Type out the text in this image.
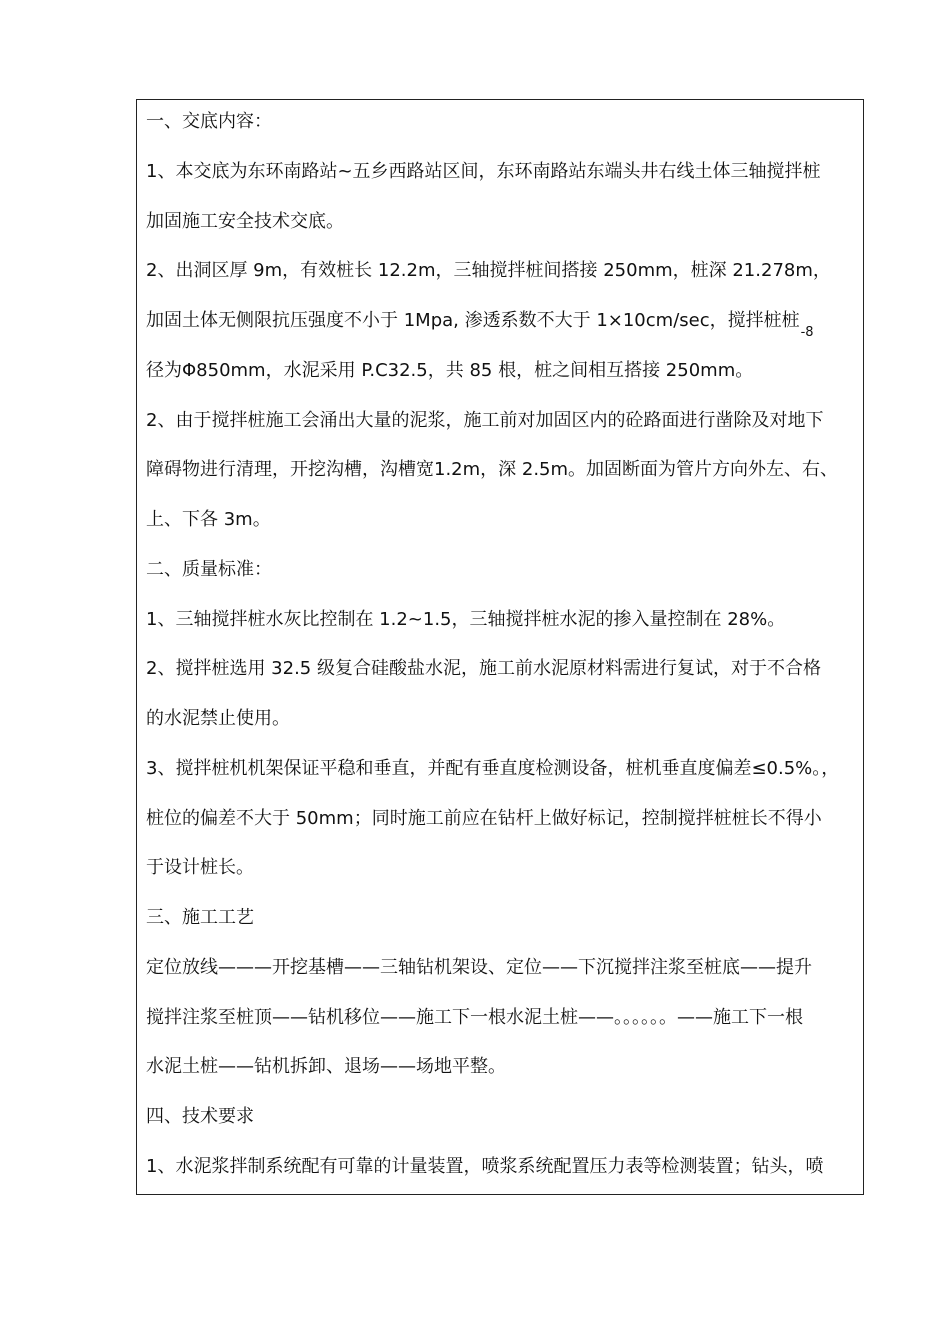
一、交底内容：
1、本交底为东环南路站~五乡西路站区间，东环南路站东端头井右线土体三轴搅拌桩
加固施工安全技术交底。
2、出洞区厚 9m，有效桩长 12.2m，三轴搅拌桩间搭接 250mm，桩深 21.278m，
加固土体无侧限抗压强度不小于 1Mpa, 渗透系数不大于 1×10cm/sec，搅拌桩桩$_{-8}$
径为Φ850mm，水泥采用 P.C32.5，共 85 根，桩之间相互搭接 250mm。
2、由于搅拌桩施工会涌出大量的泥浆，施工前对加固区内的砼路面进行凿除及对地下
障碍物进行清理，开挖沟槽，沟槽宽1.2m，深 2.5m。加固断面为管片方向外左、右、
上、下各 3m。
二、质量标准：
1、三轴搅拌桩水灰比控制在 1.2~1.5，三轴搅拌桩水泥的掺入量控制在 28%。
2、搅拌桩选用 32.5 级复合硅酸盐水泥，施工前水泥原材料需进行复试，对于不合格
的水泥禁止使用。
3、搅拌桩机机架保证平稳和垂直，并配有垂直度检测设备，桩机垂直度偏差≤0.5%。，
桩位的偏差不大于 50mm；同时施工前应在钻杆上做好标记，控制搅拌桩桩长不得小
于设计桩长。
三、施工工艺
定位放线———开挖基槽——三轴钻机架设、定位——下沉搅拌注浆至桩底——提升
搅拌注浆至桩顶——钻机移位——施工下一根水泥土桩——。。。。。。——施工下一根
水泥土桩——钻机拆卸、退场——场地平整。
四、技术要求
1、水泥浆拌制系统配有可靠的计量装置，喷浆系统配置压力表等检测装置；钻头，喷
